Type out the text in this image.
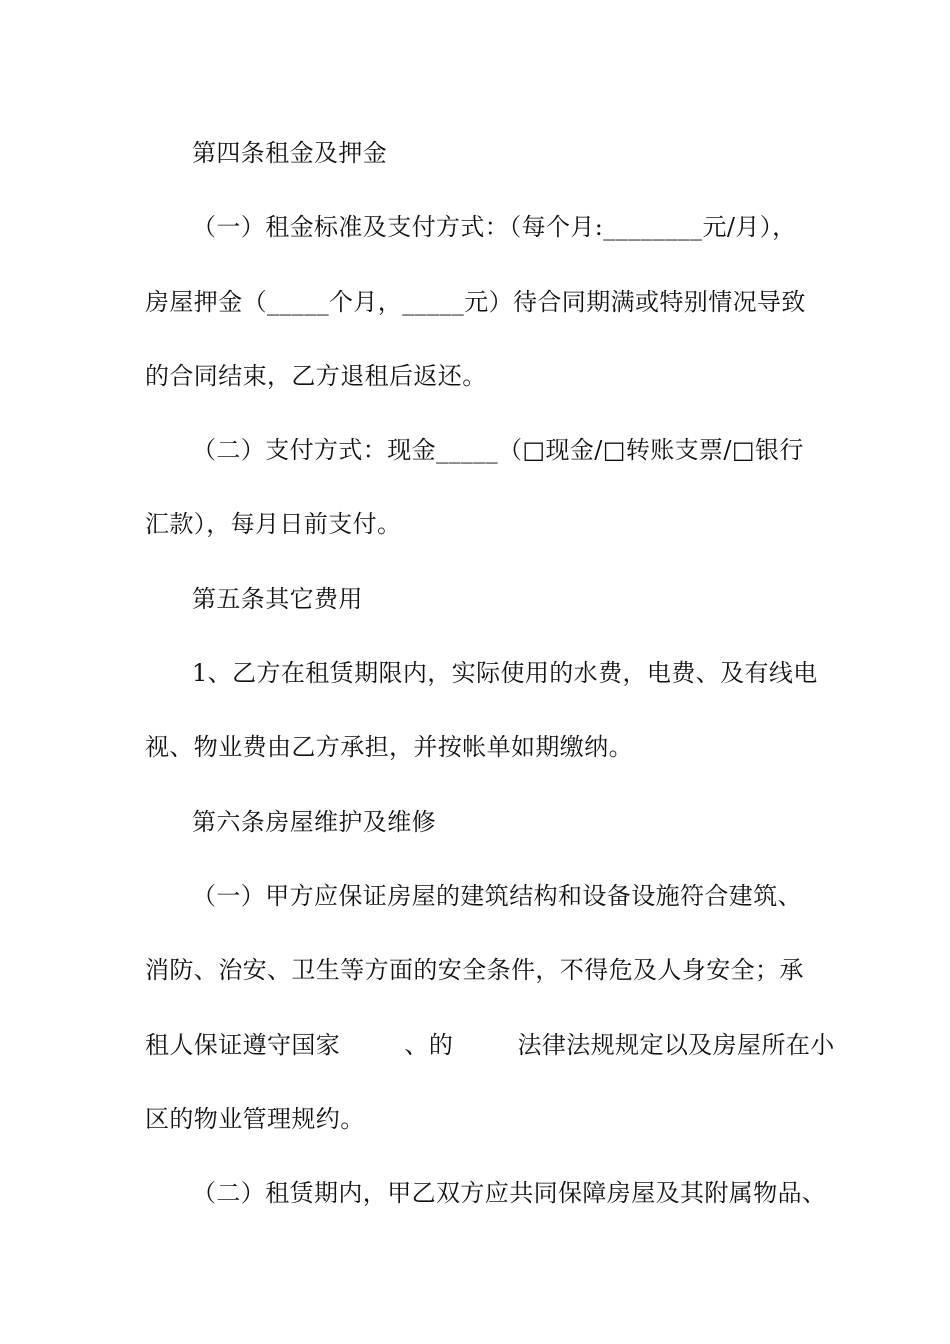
第四条租金及押金
（一）租金标准及支付方式：（每个月:________元/月），
房屋押金（_____个月，_____元）待合同期满或特别情况导致
的合同结束，乙方退租后返还。
（二）支付方式：现金_____（□现金/□转账支票/□银行
汇款），每月日前支付。
第五条其它费用
1、乙方在租赁期限内，实际使用的水费，电费、及有线电
视、物业费由乙方承担，并按帐单如期缴纳。
第六条房屋维护及维修
（一）甲方应保证房屋的建筑结构和设备设施符合建筑、
消防、治安、卫生等方面的安全条件，不得危及人身安全；承
租人保证遵守国家        、的        法律法规规定以及房屋所在小
区的物业管理规约。
（二）租赁期内，甲乙双方应共同保障房屋及其附属物品、
